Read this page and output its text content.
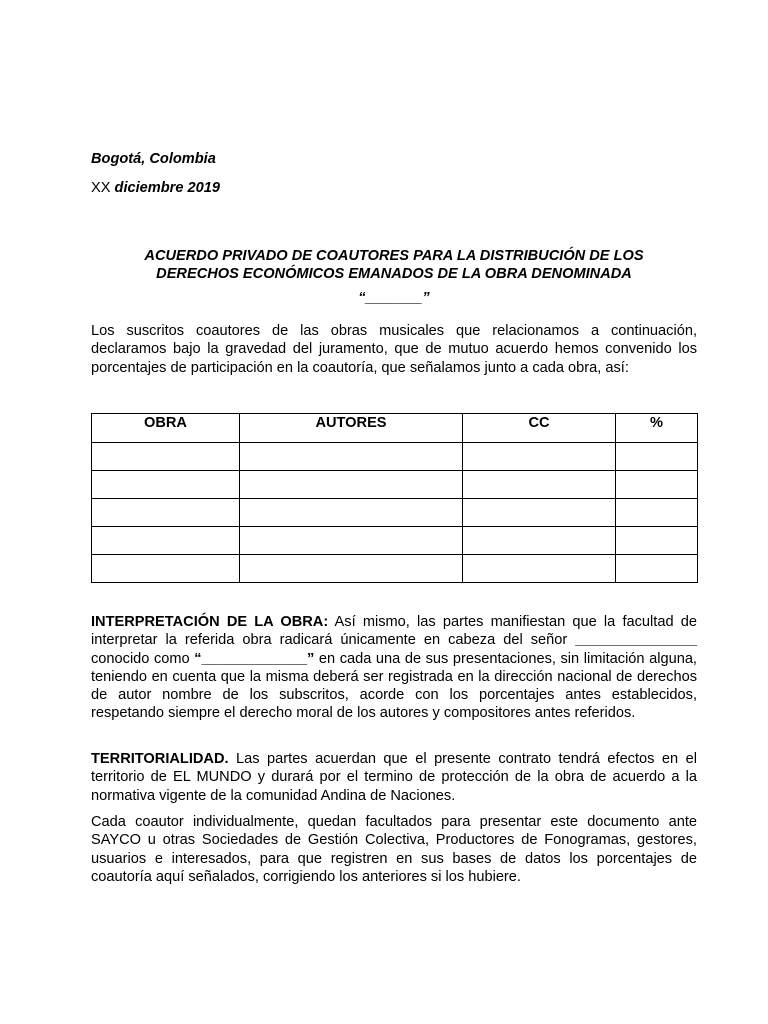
Bogotá, Colombia
XX diciembre 2019
ACUERDO PRIVADO DE COAUTORES PARA LA DISTRIBUCIÓN DE LOS
DERECHOS ECONÓMICOS EMANADOS DE LA OBRA DENOMINADA
“_______”

Los suscritos coautores de las obras musicales que relacionamos a continuación, declaramos bajo la gravedad del juramento, que de mutuo acuerdo hemos convenido los porcentajes de participación en la coautoría, que señalamos junto a cada obra, así:

OBRA	AUTORES	CC	%

INTERPRETACIÓN DE LA OBRA: Así mismo, las partes manifiestan que la facultad de interpretar la referida obra radicará únicamente en cabeza del señor _______________ conocido como “_____________” en cada una de sus presentaciones, sin limitación alguna, teniendo en cuenta que la misma deberá ser registrada en la dirección nacional de derechos de autor nombre de los subscritos, acorde con los porcentajes antes establecidos, respetando siempre el derecho moral de los autores y compositores antes referidos.

TERRITORIALIDAD. Las partes acuerdan que el presente contrato tendrá efectos en el territorio de EL MUNDO y durará por el termino de protección de la obra de acuerdo a la normativa vigente de la comunidad Andina de Naciones.

Cada coautor individualmente, quedan facultados para presentar este documento ante SAYCO u otras Sociedades de Gestión Colectiva, Productores de Fonogramas, gestores, usuarios e interesados, para que registren en sus bases de datos los porcentajes de coautoría aquí señalados, corrigiendo los anteriores si los hubiere.
